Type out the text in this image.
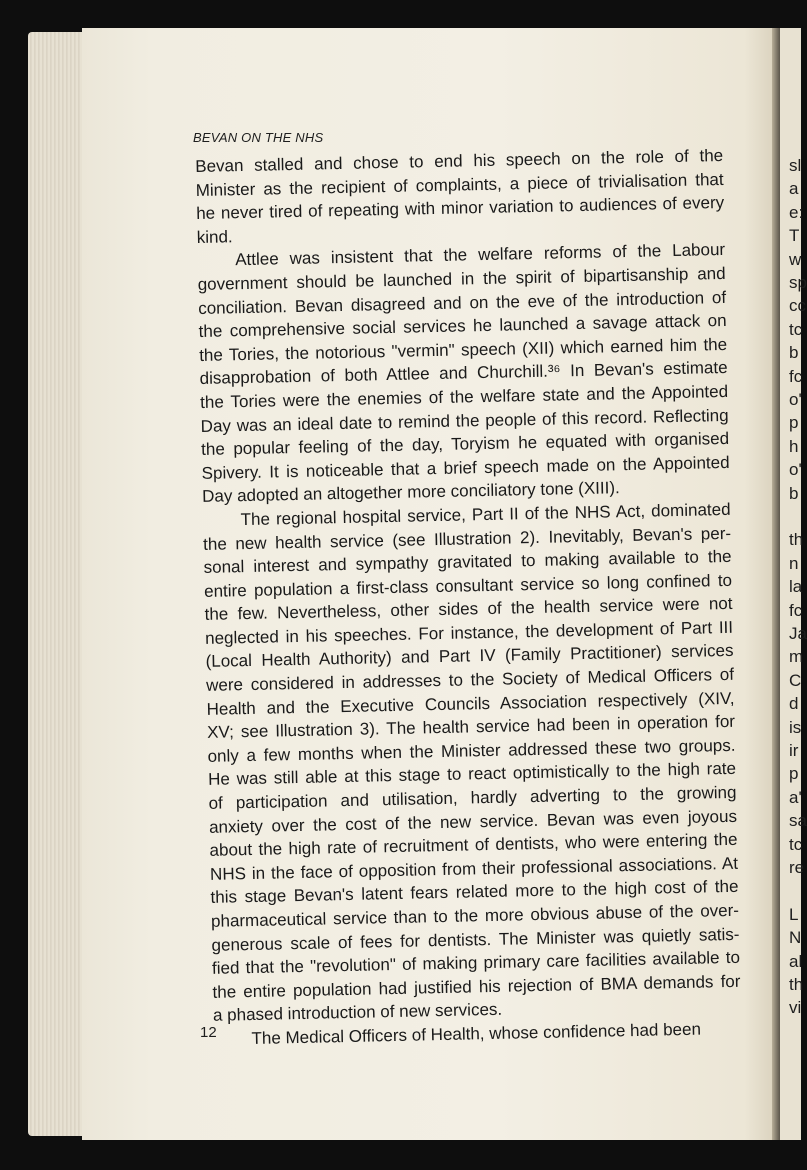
sl
a
e:
T
w
sp
cc
tc
b
fc
o'
p
h
o'
b
th
n
la
fc
Ja
m
C
d
is
ir
p
a'
sa
tc
re
L
N
al
th
vi
BEVAN ON THE NHS
Bevan stalled and chose to end his speech on the role of the
Minister as the recipient of complaints, a piece of trivialisation that
he never tired of repeating with minor variation to audiences of every
kind.
Attlee was insistent that the welfare reforms of the Labour
government should be launched in the spirit of bipartisanship and
conciliation. Bevan disagreed and on the eve of the introduction of
the comprehensive social services he launched a savage attack on
the Tories, the notorious "vermin" speech (XII) which earned him the
disapprobation of both Attlee and Churchill.³⁶ In Bevan's estimate
the Tories were the enemies of the welfare state and the Appointed
Day was an ideal date to remind the people of this record. Reflecting
the popular feeling of the day, Toryism he equated with organised
Spivery. It is noticeable that a brief speech made on the Appointed
Day adopted an altogether more conciliatory tone (XIII).
The regional hospital service, Part II of the NHS Act, dominated
the new health service (see Illustration 2). Inevitably, Bevan's per-
sonal interest and sympathy gravitated to making available to the
entire population a first-class consultant service so long confined to
the few. Nevertheless, other sides of the health service were not
neglected in his speeches. For instance, the development of Part III
(Local Health Authority) and Part IV (Family Practitioner) services
were considered in addresses to the Society of Medical Officers of
Health and the Executive Councils Association respectively (XIV,
XV; see Illustration 3). The health service had been in operation for
only a few months when the Minister addressed these two groups.
He was still able at this stage to react optimistically to the high rate
of participation and utilisation, hardly adverting to the growing
anxiety over the cost of the new service. Bevan was even joyous
about the high rate of recruitment of dentists, who were entering the
NHS in the face of opposition from their professional associations. At
this stage Bevan's latent fears related more to the high cost of the
pharmaceutical service than to the more obvious abuse of the over-
generous scale of fees for dentists. The Minister was quietly satis-
fied that the "revolution" of making primary care facilities available to
the entire population had justified his rejection of BMA demands for
a phased introduction of new services.
The Medical Officers of Health, whose confidence had been
12
